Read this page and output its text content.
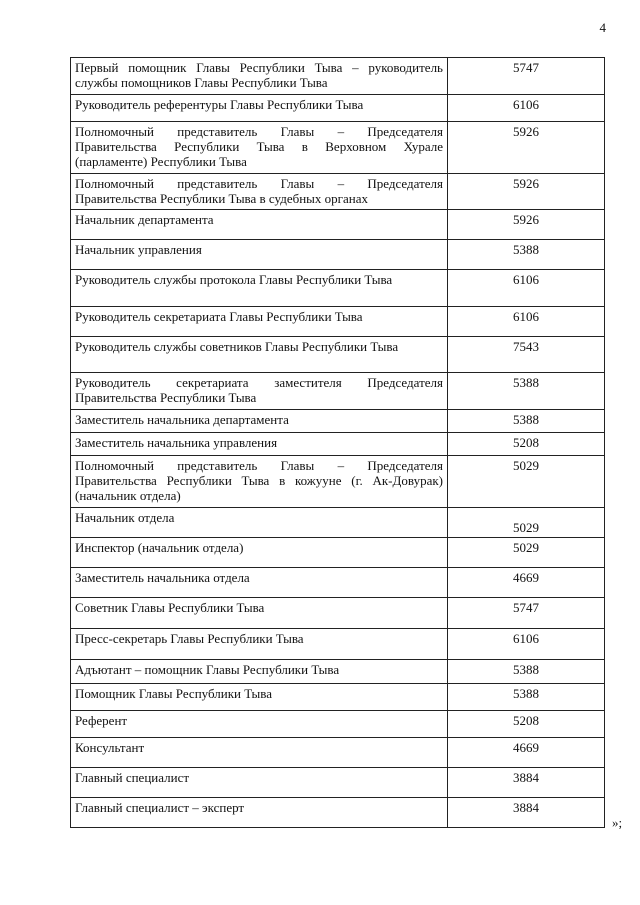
4
Первый помощник Главы Республики Тыва – руководитель службы помощников Главы Республики Тыва	5747
Руководитель референтуры Главы Республики Тыва	6106
Полномочный представитель Главы – Председателя Правительства Республики Тыва в Верховном Хурале (парламенте) Республики Тыва	5926
Полномочный представитель Главы – Председателя Правительства Республики Тыва в судебных органах	5926
Начальник департамента	5926
Начальник управления	5388
Руководитель службы протокола Главы Республики Тыва	6106
Руководитель секретариата Главы Республики Тыва	6106
Руководитель службы советников Главы Республики Тыва	7543
Руководитель секретариата заместителя Председателя Правительства Республики Тыва	5388
Заместитель начальника департамента	5388
Заместитель начальника управления	5208
Полномочный представитель Главы – Председателя Правительства Республики Тыва в кожууне (г. Ак-Довурак) (начальник отдела)	5029
Начальник отдела	5029
Инспектор (начальник отдела)	5029
Заместитель начальника отдела	4669
Советник Главы Республики Тыва	5747
Пресс-секретарь Главы Республики Тыва	6106
Адъютант – помощник Главы Республики Тыва	5388
Помощник Главы Республики Тыва	5388
Референт	5208
Консультант	4669
Главный специалист	3884
Главный специалист – эксперт	3884
»;
